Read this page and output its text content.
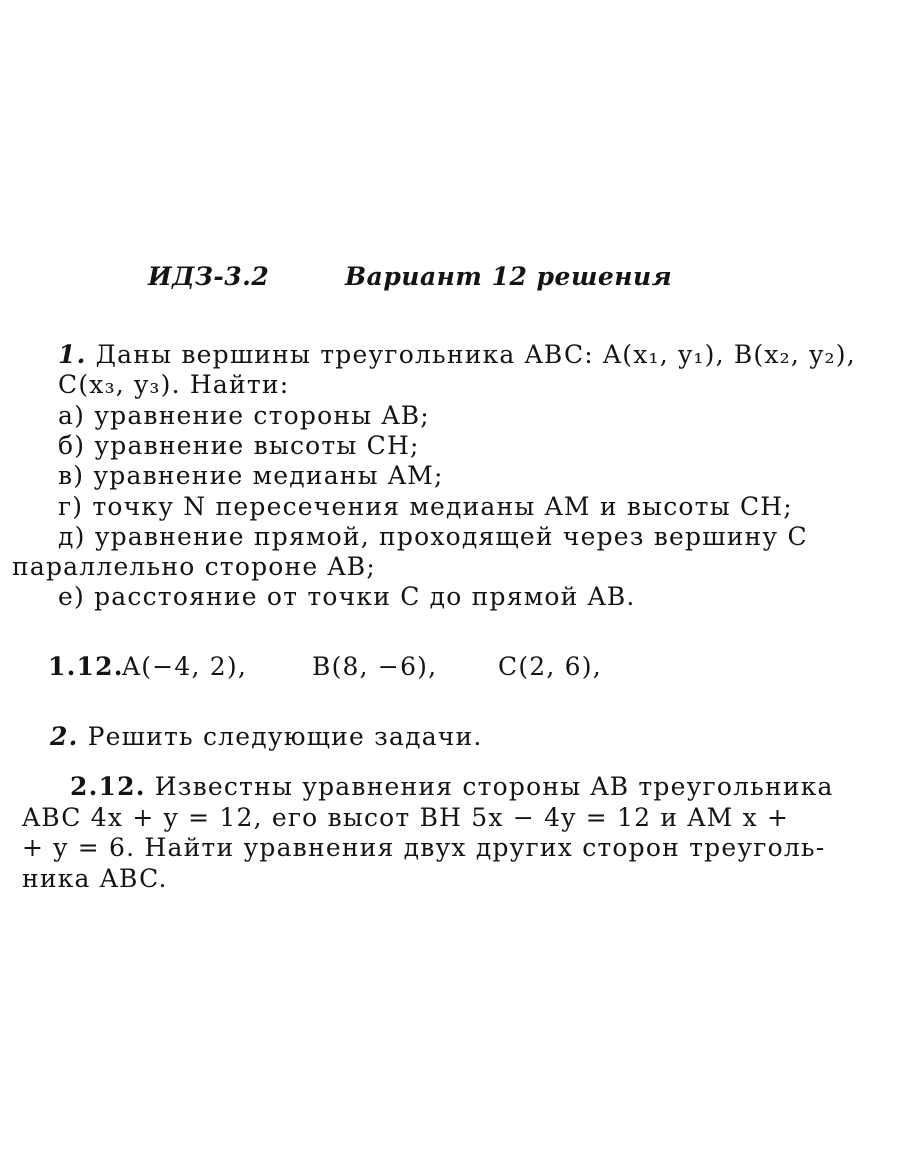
ИДЗ-3.2	Вариант 12 решения
1. Даны вершины треугольника ABC: A(x₁, y₁), B(x₂, y₂),
C(x₃, y₃). Найти:
а) уравнение стороны AB;
б) уравнение высоты CH;
в) уравнение медианы AM;
г) точку N пересечения медианы AM и высоты CH;
д) уравнение прямой, проходящей через вершину C
параллельно стороне AB;
е) расстояние от точки C до прямой AB.
1.12.
A(−4, 2),	B(8, −6), C(2, 6),
2. Решить следующие задачи.
2.12. Известны уравнения стороны AB треугольника
ABC 4x + y = 12, его высот BH 5x − 4y = 12 и AM x +
+ y = 6. Найти уравнения двух других сторон треуголь-
ника ABC.
